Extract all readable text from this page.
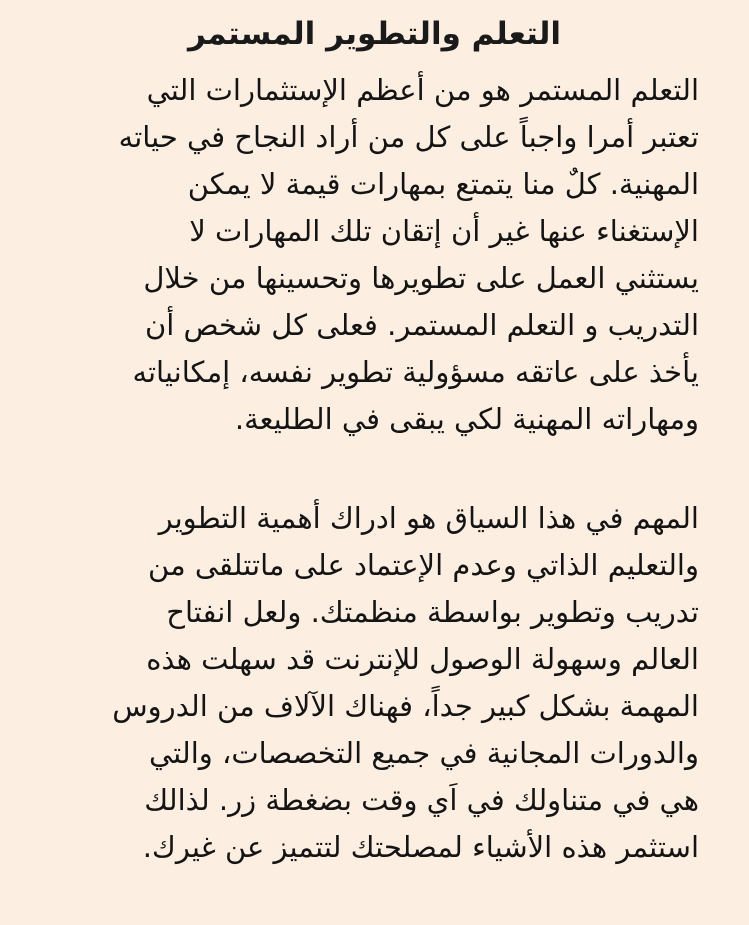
التعلم والتطوير المستمر
التعلم المستمر هو من أعظم الإستثمارات التي
تعتبر أمرا واجباً على كل من أراد النجاح في حياته
المهنية. كلٌ منا يتمتع بمهارات قيمة لا يمكن
الإستغناء عنها غير أن إتقان تلك المهارات لا
يستثني العمل على تطويرها وتحسينها من خلال
التدريب و التعلم المستمر. فعلى كل شخص أن
يأخذ على عاتقه مسؤولية تطوير نفسه، إمكانياته
ومهاراته المهنية لكي يبقى في الطليعة.
المهم في هذا السياق هو ادراك أهمية التطوير
والتعليم الذاتي وعدم الإعتماد على ماتتلقى من
تدريب وتطوير بواسطة منظمتك. ولعل انفتاح
العالم وسهولة الوصول للإنترنت قد سهلت هذه
المهمة بشكل كبير جداً، فهناك الآلاف من الدروس
والدورات المجانية في جميع التخصصات، والتي
هي في متناولك في اَي وقت بضغطة زر. لذالك
استثمر هذه الأشياء لمصلحتك لتتميز عن غيرك.
